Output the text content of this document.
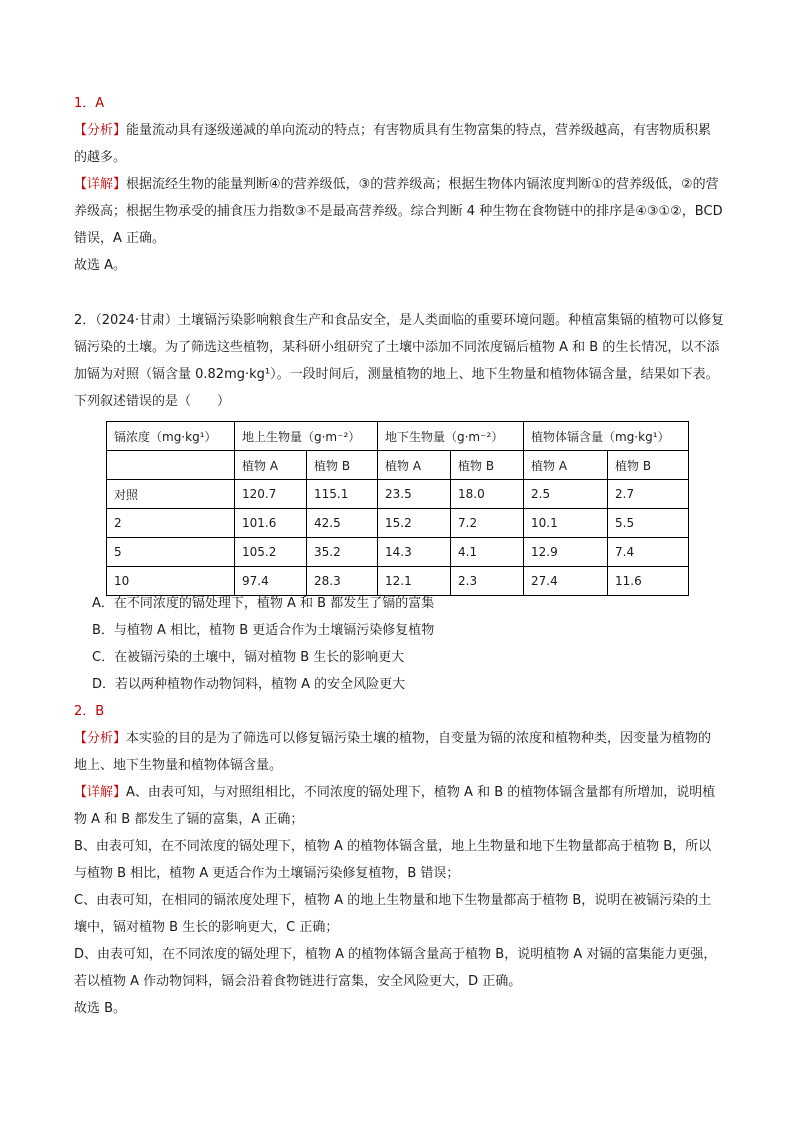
1．A
【分析】能量流动具有逐级递减的单向流动的特点；有害物质具有生物富集的特点，营养级越高，有害物质积累的越多。
【详解】根据流经生物的能量判断④的营养级低，③的营养级高；根据生物体内镉浓度判断①的营养级低，②的营养级高；根据生物承受的捕食压力指数③不是最高营养级。综合判断 4 种生物在食物链中的排序是④③①②，BCD 错误，A 正确。
故选 A。
2．（2024·甘肃）土壤镉污染影响粮食生产和食品安全，是人类面临的重要环境问题。种植富集镉的植物可以修复镉污染的土壤。为了筛选这些植物，某科研小组研究了土壤中添加不同浓度镉后植物 A 和 B 的生长情况，以不添加镉为对照（镉含量 0.82mg·kg¹）。一段时间后，测量植物的地上、地下生物量和植物体镉含量，结果如下表。下列叙述错误的是（　　）
镉浓度（mg·kg¹）	地上生物量（g·m⁻²）		地下生物量（g·m⁻²）		植物体镉含量（mg·kg¹）	
	植物 A	植物 B	植物 A	植物 B	植物 A	植物 B
对照	120.7	115.1	23.5	18.0	2.5	2.7
2	101.6	42.5	15.2	7.2	10.1	5.5
5	105.2	35.2	14.3	4.1	12.9	7.4
10	97.4	28.3	12.1	2.3	27.4	11.6
A．在不同浓度的镉处理下，植物 A 和 B 都发生了镉的富集
B．与植物 A 相比，植物 B 更适合作为土壤镉污染修复植物
C．在被镉污染的土壤中，镉对植物 B 生长的影响更大
D．若以两种植物作动物饲料，植物 A 的安全风险更大
2．B
【分析】本实验的目的是为了筛选可以修复镉污染土壤的植物，自变量为镉的浓度和植物种类，因变量为植物的地上、地下生物量和植物体镉含量。
【详解】A、由表可知，与对照组相比，不同浓度的镉处理下，植物 A 和 B 的植物体镉含量都有所增加，说明植物 A 和 B 都发生了镉的富集，A 正确；
B、由表可知，在不同浓度的镉处理下，植物 A 的植物体镉含量，地上生物量和地下生物量都高于植物 B，所以与植物 B 相比，植物 A 更适合作为土壤镉污染修复植物，B 错误；
C、由表可知，在相同的镉浓度处理下，植物 A 的地上生物量和地下生物量都高于植物 B，说明在被镉污染的土壤中，镉对植物 B 生长的影响更大，C 正确；
D、由表可知，在不同浓度的镉处理下，植物 A 的植物体镉含量高于植物 B，说明植物 A 对镉的富集能力更强，若以植物 A 作动物饲料，镉会沿着食物链进行富集，安全风险更大，D 正确。
故选 B。
